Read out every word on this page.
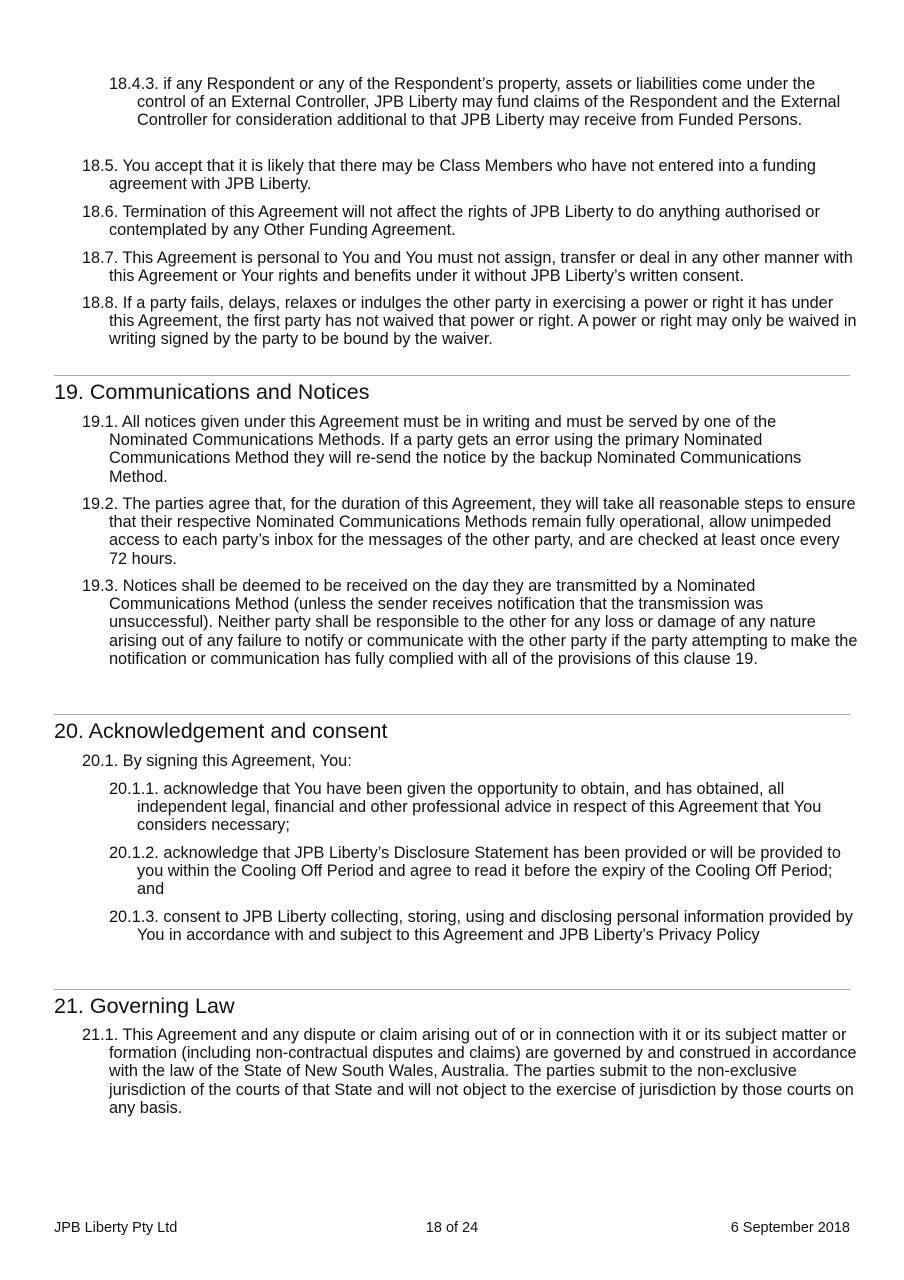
18.4.3. if any Respondent or any of the Respondent’s property, assets or liabilities come under the control of an External Controller, JPB Liberty may fund claims of the Respondent and the External Controller for consideration additional to that JPB Liberty may receive from Funded Persons.

18.5. You accept that it is likely that there may be Class Members who have not entered into a funding agreement with JPB Liberty.

18.6. Termination of this Agreement will not affect the rights of JPB Liberty to do anything authorised or contemplated by any Other Funding Agreement.

18.7. This Agreement is personal to You and You must not assign, transfer or deal in any other manner with this Agreement or Your rights and benefits under it without JPB Liberty’s written consent.

18.8. If a party fails, delays, relaxes or indulges the other party in exercising a power or right it has under this Agreement, the first party has not waived that power or right. A power or right may only be waived in writing signed by the party to be bound by the waiver.

19. Communications and Notices

19.1. All notices given under this Agreement must be in writing and must be served by one of the Nominated Communications Methods. If a party gets an error using the primary Nominated Communications Method they will re-send the notice by the backup Nominated Communications Method.

19.2. The parties agree that, for the duration of this Agreement, they will take all reasonable steps to ensure that their respective Nominated Communications Methods remain fully operational, allow unimpeded access to each party’s inbox for the messages of the other party, and are checked at least once every 72 hours.

19.3. Notices shall be deemed to be received on the day they are transmitted by a Nominated Communications Method (unless the sender receives notification that the transmission was unsuccessful). Neither party shall be responsible to the other for any loss or damage of any nature arising out of any failure to notify or communicate with the other party if the party attempting to make the notification or communication has fully complied with all of the provisions of this clause 19.

20. Acknowledgement and consent

20.1. By signing this Agreement, You:

20.1.1. acknowledge that You have been given the opportunity to obtain, and has obtained, all independent legal, financial and other professional advice in respect of this Agreement that You considers necessary;

20.1.2. acknowledge that JPB Liberty’s Disclosure Statement has been provided or will be provided to you within the Cooling Off Period and agree to read it before the expiry of the Cooling Off Period; and

20.1.3. consent to JPB Liberty collecting, storing, using and disclosing personal information provided by You in accordance with and subject to this Agreement and JPB Liberty’s Privacy Policy

21. Governing Law

21.1. This Agreement and any dispute or claim arising out of or in connection with it or its subject matter or formation (including non-contractual disputes and claims) are governed by and construed in accordance with the law of the State of New South Wales, Australia. The parties submit to the non-exclusive jurisdiction of the courts of that State and will not object to the exercise of jurisdiction by those courts on any basis.

JPB Liberty Pty Ltd	18 of 24	6 September 2018
